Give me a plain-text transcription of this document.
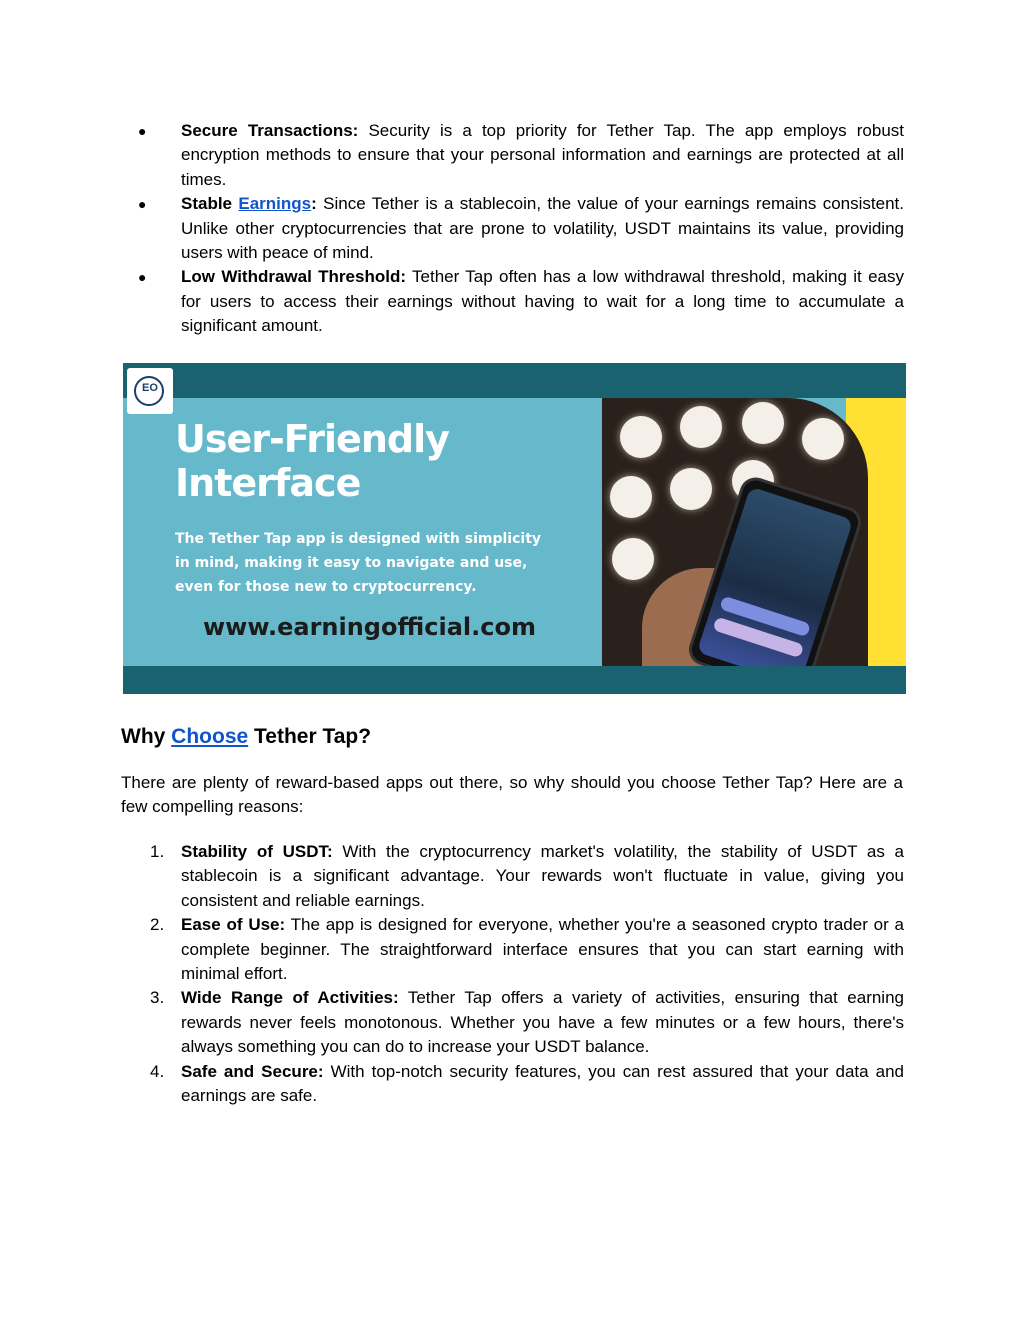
● Secure Transactions: Security is a top priority for Tether Tap. The app employs robust encryption methods to ensure that your personal information and earnings are protected at all times.
● Stable Earnings: Since Tether is a stablecoin, the value of your earnings remains consistent. Unlike other cryptocurrencies that are prone to volatility, USDT maintains its value, providing users with peace of mind.
● Low Withdrawal Threshold: Tether Tap often has a low withdrawal threshold, making it easy for users to access their earnings without having to wait for a long time to accumulate a significant amount.
EO
User-Friendly
Interface
The Tether Tap app is designed with simplicity in mind, making it easy to navigate and use, even for those new to cryptocurrency.
www.earningofficial.com
Why Choose Tether Tap?

There are plenty of reward-based apps out there, so why should you choose Tether Tap? Here are a few compelling reasons:

1. Stability of USDT: With the cryptocurrency market's volatility, the stability of USDT as a stablecoin is a significant advantage. Your rewards won't fluctuate in value, giving you consistent and reliable earnings.
2. Ease of Use: The app is designed for everyone, whether you're a seasoned crypto trader or a complete beginner. The straightforward interface ensures that you can start earning with minimal effort.
3. Wide Range of Activities: Tether Tap offers a variety of activities, ensuring that earning rewards never feels monotonous. Whether you have a few minutes or a few hours, there's always something you can do to increase your USDT balance.
4. Safe and Secure: With top-notch security features, you can rest assured that your data and earnings are safe.
